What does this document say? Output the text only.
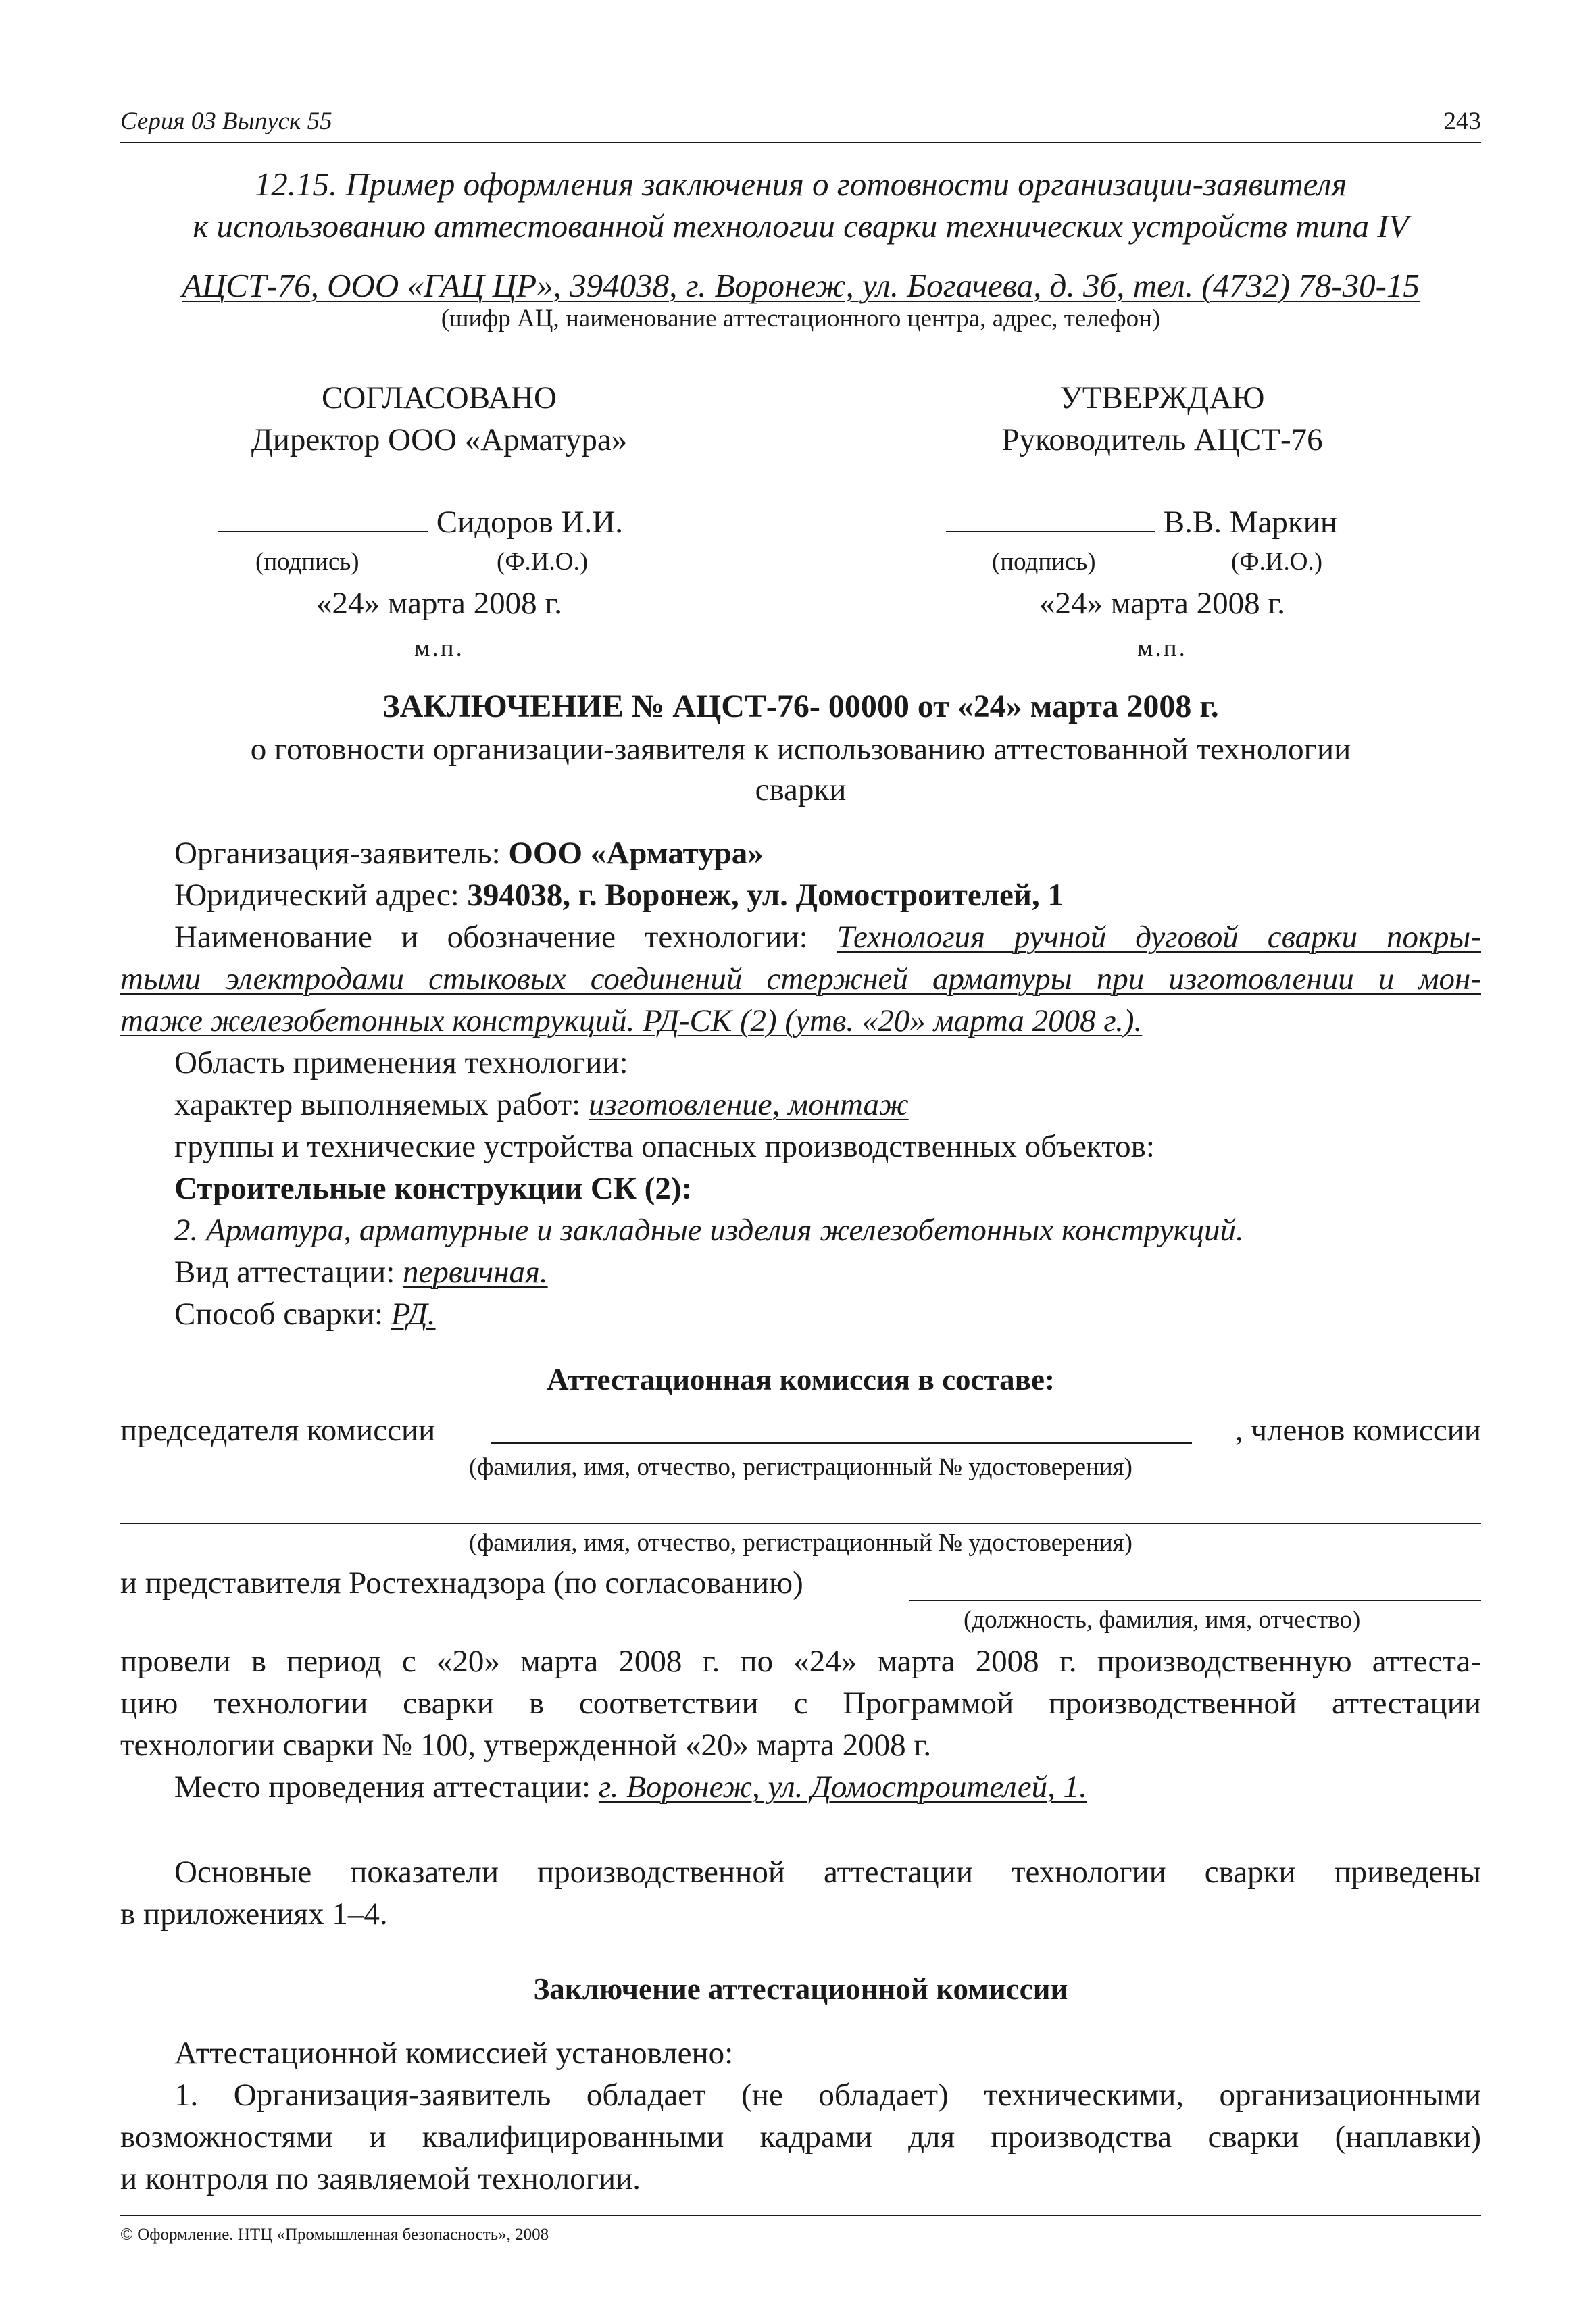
Серия 03 Выпуск 55	243
12.15. Пример оформления заключения о готовности организации-заявителя
к использованию аттестованной технологии сварки технических устройств типа IV
АЦСТ-76, ООО «ГАЦ ЦР», 394038, г. Воронеж, ул. Богачева, д. 3б, тел. (4732) 78-30-15
(шифр АЦ, наименование аттестационного центра, адрес, телефон)
СОГЛАСОВАНО
Директор ООО «Арматура»
Сидоров И.И.
(подпись)	(Ф.И.О.)
«24» марта 2008 г.
м.п.
УТВЕРЖДАЮ
Руководитель АЦСТ-76
В.В. Маркин
(подпись)	(Ф.И.О.)
«24» марта 2008 г.
м.п.
ЗАКЛЮЧЕНИЕ № АЦСТ-76- 00000 от «24» марта 2008 г.
о готовности организации-заявителя к использованию аттестованной технологии
сварки
Организация-заявитель: ООО «Арматура»
Юридический адрес: 394038, г. Воронеж, ул. Домостроителей, 1
Наименование и обозначение технологии: Технология ручной дуговой сварки покры-
тыми электродами стыковых соединений стержней арматуры при изготовлении и мон-
таже железобетонных конструкций. РД-СК (2) (утв. «20» марта 2008 г.).
Область применения технологии:
характер выполняемых работ: изготовление, монтаж
группы и технические устройства опасных производственных объектов:
Строительные конструкции СК (2):
2. Арматура, арматурные и закладные изделия железобетонных конструкций.
Вид аттестации: первичная.
Способ сварки: РД.
Аттестационная комиссия в составе:
председателя комиссии	, членов комиссии
(фамилия, имя, отчество, регистрационный № удостоверения)
(фамилия, имя, отчество, регистрационный № удостоверения)
и представителя Ростехнадзора (по согласованию)
(должность, фамилия, имя, отчество)
провели в период с «20» марта 2008 г. по «24» марта 2008 г. производственную аттеста-
цию технологии сварки в соответствии с Программой производственной аттестации
технологии сварки № 100, утвержденной «20» марта 2008 г.
Место проведения аттестации: г. Воронеж, ул. Домостроителей, 1.
Основные показатели производственной аттестации технологии сварки приведены
в приложениях 1–4.
Заключение аттестационной комиссии
Аттестационной комиссией установлено:
1. Организация-заявитель обладает (не обладает) техническими, организационными
возможностями и квалифицированными кадрами для производства сварки (наплавки)
и контроля по заявляемой технологии.
© Оформление. НТЦ «Промышленная безопасность», 2008
